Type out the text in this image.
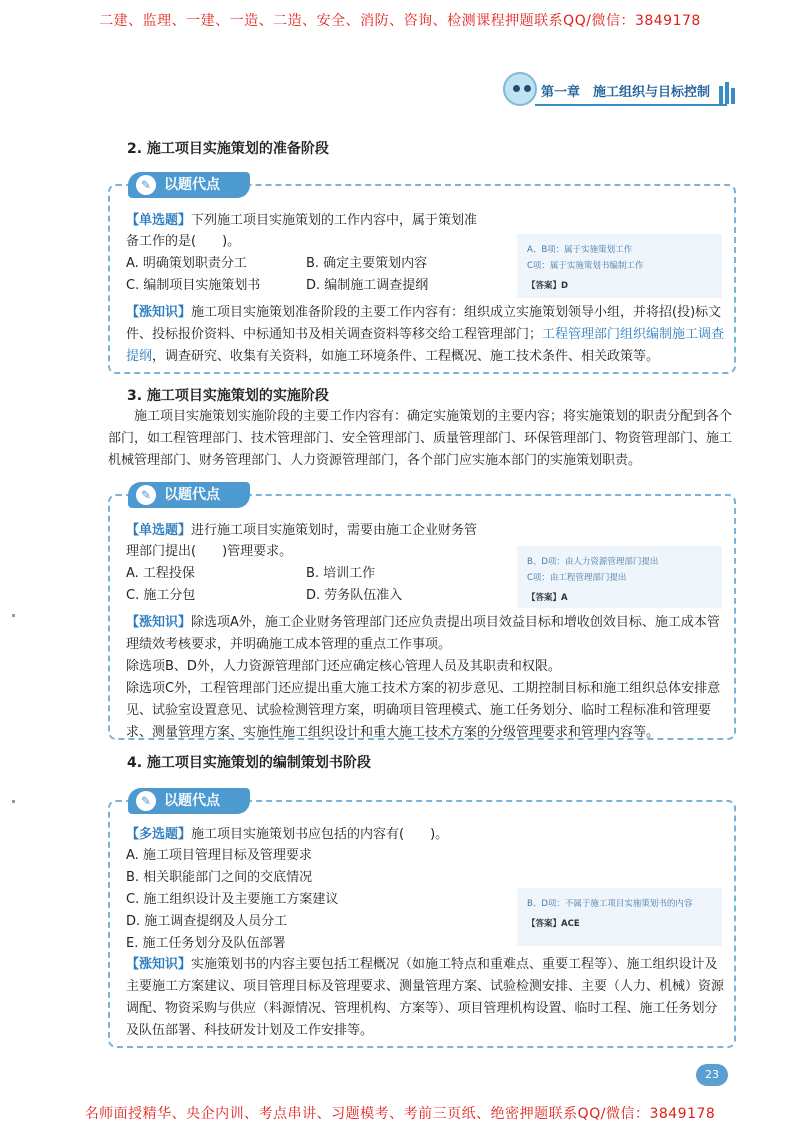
二建、监理、一建、一造、二造、安全、消防、咨询、检测课程押题联系QQ/微信：3849178
第一章　施工组织与目标控制
2. 施工项目实施策划的准备阶段
✎ 以题代点
【单选题】下列施工项目实施策划的工作内容中，属于策划准
备工作的是(　　)。
A. 明确策划职责分工	B. 确定主要策划内容
C. 编制项目实施策划书	D. 编制施工调查提纲
A、B项：属于实施策划工作
C项：属于实施策划书编制工作
【答案】D
【涨知识】施工项目实施策划准备阶段的主要工作内容有：组织成立实施策划领导小组，并将招(投)标文件、投标报价资料、中标通知书及相关调查资料等移交给工程管理部门；工程管理部门组织编制施工调查提纲，调查研究、收集有关资料，如施工环境条件、工程概况、施工技术条件、相关政策等。
3. 施工项目实施策划的实施阶段
施工项目实施策划实施阶段的主要工作内容有：确定实施策划的主要内容；将实施策划的职责分配到各个部门，如工程管理部门、技术管理部门、安全管理部门、质量管理部门、环保管理部门、物资管理部门、施工机械管理部门、财务管理部门、人力资源管理部门，各个部门应实施本部门的实施策划职责。
✎ 以题代点
【单选题】进行施工项目实施策划时，需要由施工企业财务管
理部门提出(　　)管理要求。
A. 工程投保	B. 培训工作
C. 施工分包	D. 劳务队伍准入
B、D项：由人力资源管理部门提出
C项：由工程管理部门提出
【答案】A
【涨知识】除选项A外，施工企业财务管理部门还应负责提出项目效益目标和增收创效目标、施工成本管理绩效考核要求，并明确施工成本管理的重点工作事项。
除选项B、D外，人力资源管理部门还应确定核心管理人员及其职责和权限。
除选项C外，工程管理部门还应提出重大施工技术方案的初步意见、工期控制目标和施工组织总体安排意见、试验室设置意见、试验检测管理方案，明确项目管理模式、施工任务划分、临时工程标准和管理要求、测量管理方案、实施性施工组织设计和重大施工技术方案的分级管理要求和管理内容等。
4. 施工项目实施策划的编制策划书阶段
✎ 以题代点
【多选题】施工项目实施策划书应包括的内容有(　　)。
A. 施工项目管理目标及管理要求
B. 相关职能部门之间的交底情况
C. 施工组织设计及主要施工方案建议
D. 施工调查提纲及人员分工
E. 施工任务划分及队伍部署
B、D项：不属于施工项目实施策划书的内容
【答案】ACE
【涨知识】实施策划书的内容主要包括工程概况（如施工特点和重难点、重要工程等）、施工组织设计及主要施工方案建议、项目管理目标及管理要求、测量管理方案、试验检测安排、主要（人力、机械）资源调配、物资采购与供应（料源情况、管理机构、方案等）、项目管理机构设置、临时工程、施工任务划分及队伍部署、科技研发计划及工作安排等。
23
名师面授精华、央企内训、考点串讲、习题模考、考前三页纸、绝密押题联系QQ/微信：3849178
